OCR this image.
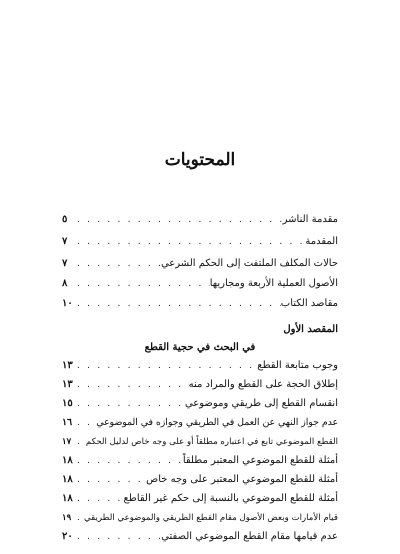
المحتويات
مقدمة الناشر
. . .
٥
المقدمة
. . .
٧
حالات المكلف الملتفت إلى الحكم الشرعي
. . .
٧
الأصول العملية الأربعة ومجاريها
. . .
٨
مقاصد الكتاب
. . .
١٠
المقصد الأول
في البحث في حجية القطع
وجوب متابعة القطع
. . .
١٣
إطلاق الحجة على القطع والمراد منه
. . .
١٣
انقسام القطع إلى طريقي وموضوعي
. . .
١٥
عدم جواز النهي عن العمل في الطريقي وجوازه في الموضوعي
. . .
١٦
القطع الموضوعي تابع في اعتباره مطلقاً أو على وجه خاص لدليل الحكم
. . .
١٧
أمثلة للقطع الموضوعي المعتبر مطلقاً
. . .
١٨
أمثلة للقطع الموضوعي المعتبر على وجه خاص
. . .
١٨
أمثلة للقطع الموضوعي بالنسبة إلى حكم غير القاطع
. . .
١٨
قيام الأمارات وبعض الأصول مقام القطع الطريقي والموضوعي الطريقي
. . .
١٩
عدم قيامها مقام القطع الموضوعي الصفتي
. . .
٢٠
